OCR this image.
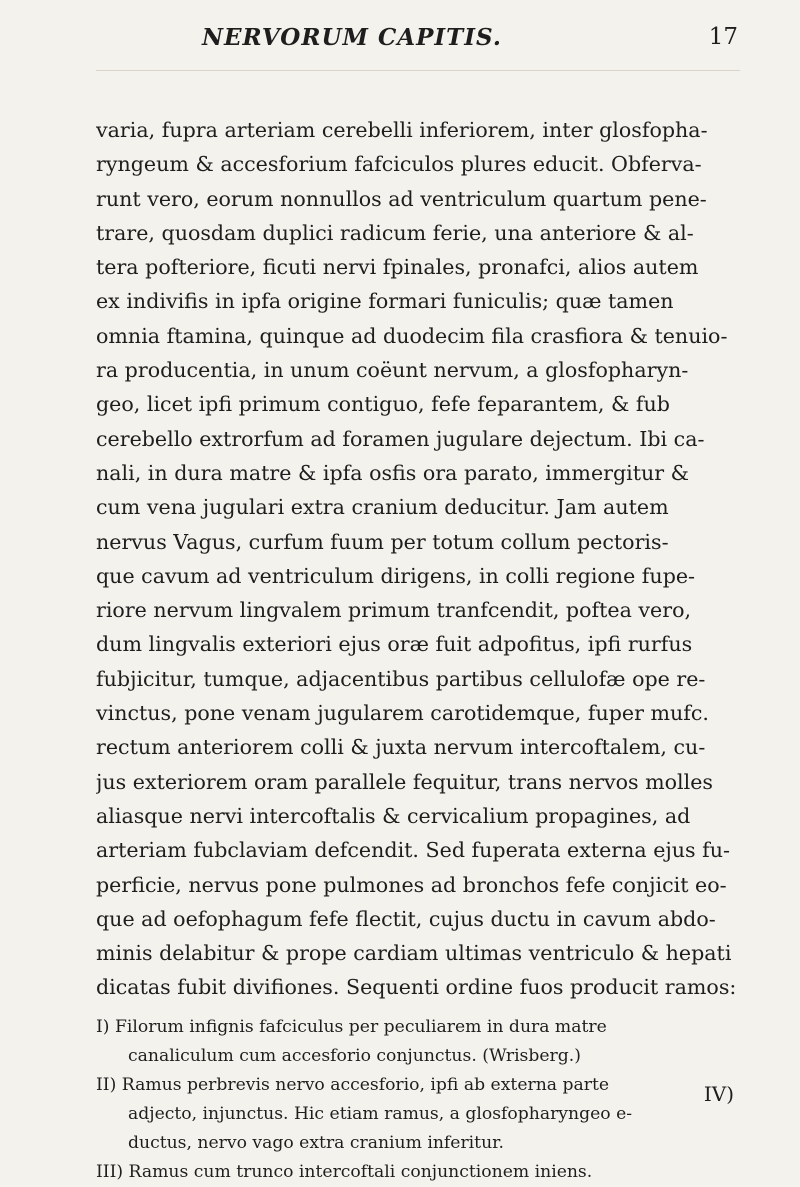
NERVORUM CAPITIS.	17
varia, fupra arteriam cerebelli inferiorem, inter glosfopha-
ryngeum & accesforium fafciculos plures educit. Obferva-
runt vero, eorum nonnullos ad ventriculum quartum pene-
trare, quosdam duplici radicum ferie, una anteriore & al-
tera pofteriore, ficuti nervi fpinales, pronafci, alios autem
ex indivifis in ipfa origine formari funiculis; quæ tamen
omnia ftamina, quinque ad duodecim fila crasfiora & tenuio-
ra producentia, in unum coëunt nervum, a glosfopharyn-
geo, licet ipfi primum contiguo, fefe feparantem, & fub
cerebello extrorfum ad foramen jugulare dejectum. Ibi ca-
nali, in dura matre & ipfa osfis ora parato, immergitur &
cum vena jugulari extra cranium deducitur. Jam autem
nervus Vagus, curfum fuum per totum collum pectoris-
que cavum ad ventriculum dirigens, in colli regione fupe-
riore nervum lingvalem primum tranfcendit, poftea vero,
dum lingvalis exteriori ejus oræ fuit adpofitus, ipfi rurfus
fubjicitur, tumque, adjacentibus partibus cellulofæ ope re-
vinctus, pone venam jugularem carotidemque, fuper mufc.
rectum anteriorem colli & juxta nervum intercoftalem, cu-
jus exteriorem oram parallele fequitur, trans nervos molles
aliasque nervi intercoftalis & cervicalium propagines, ad
arteriam fubclaviam defcendit. Sed fuperata externa ejus fu-
perficie, nervus pone pulmones ad bronchos fefe conjicit eo-
que ad oefophagum fefe flectit, cujus ductu in cavum abdo-
minis delabitur & prope cardiam ultimas ventriculo & hepati
dicatas fubit divifiones. Sequenti ordine fuos producit ramos:
I) Filorum infignis fafciculus per peculiarem in dura matre
canaliculum cum accesforio conjunctus. (Wrisberg.)
II) Ramus perbrevis nervo accesforio, ipfi ab externa parte
adjecto, injunctus. Hic etiam ramus, a glosfopharyngeo e-
ductus, nervo vago extra cranium inferitur.
III) Ramus cum trunco intercoftali conjunctionem iniens.
IV)
